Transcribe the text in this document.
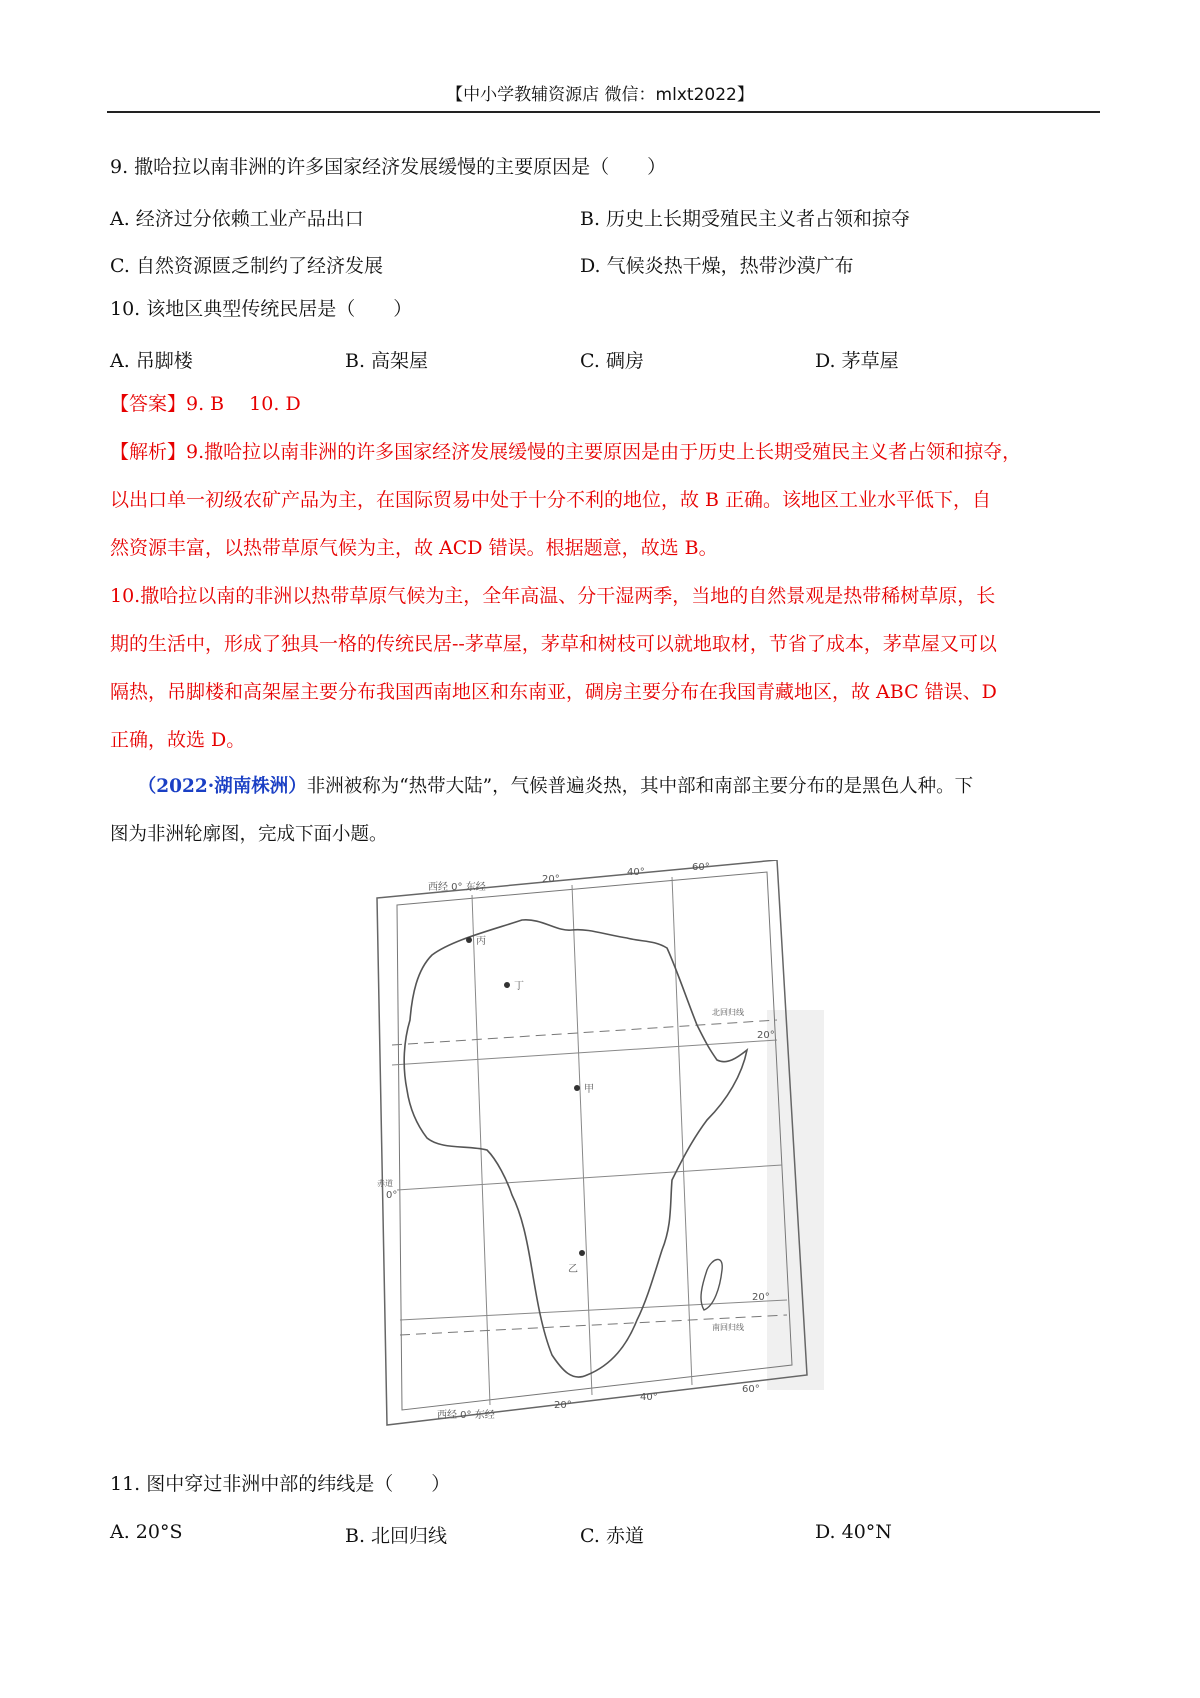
【中小学教辅资源店 微信：mlxt2022】
9. 撒哈拉以南非洲的许多国家经济发展缓慢的主要原因是（　　）
A. 经济过分依赖工业产品出口	B. 历史上长期受殖民主义者占领和掠夺
C. 自然资源匮乏制约了经济发展	D. 气候炎热干燥，热带沙漠广布
10. 该地区典型传统民居是（　　）
A. 吊脚楼	B. 高架屋	C. 碉房	D. 茅草屋
【答案】9. B　 10. D
【解析】9.撒哈拉以南非洲的许多国家经济发展缓慢的主要原因是由于历史上长期受殖民主义者占领和掠夺，
以出口单一初级农矿产品为主，在国际贸易中处于十分不利的地位，故 B 正确。该地区工业水平低下，自
然资源丰富，以热带草原气候为主，故 ACD 错误。根据题意，故选 B。
10.撒哈拉以南的非洲以热带草原气候为主，全年高温、分干湿两季，当地的自然景观是热带稀树草原，长
期的生活中，形成了独具一格的传统民居--茅草屋，茅草和树枝可以就地取材，节省了成本，茅草屋又可以
隔热，吊脚楼和高架屋主要分布我国西南地区和东南亚，碉房主要分布在我国青藏地区，故 ABC 错误、D
正确，故选 D。
　　（2022·湖南株洲）非洲被称为“热带大陆”，气候普遍炎热，其中部和南部主要分布的是黑色人种。下
图为非洲轮廓图，完成下面小题。
丙
丁
甲
乙
西经 0° 东经
20°
40°	60°
北回归线
20°
赤道
0°
20°
南回归线
西经 0° 东经
20°
40°
60°
11. 图中穿过非洲中部的纬线是（　　）
A. 20°S	B. 北回归线	C. 赤道	D. 40°N
